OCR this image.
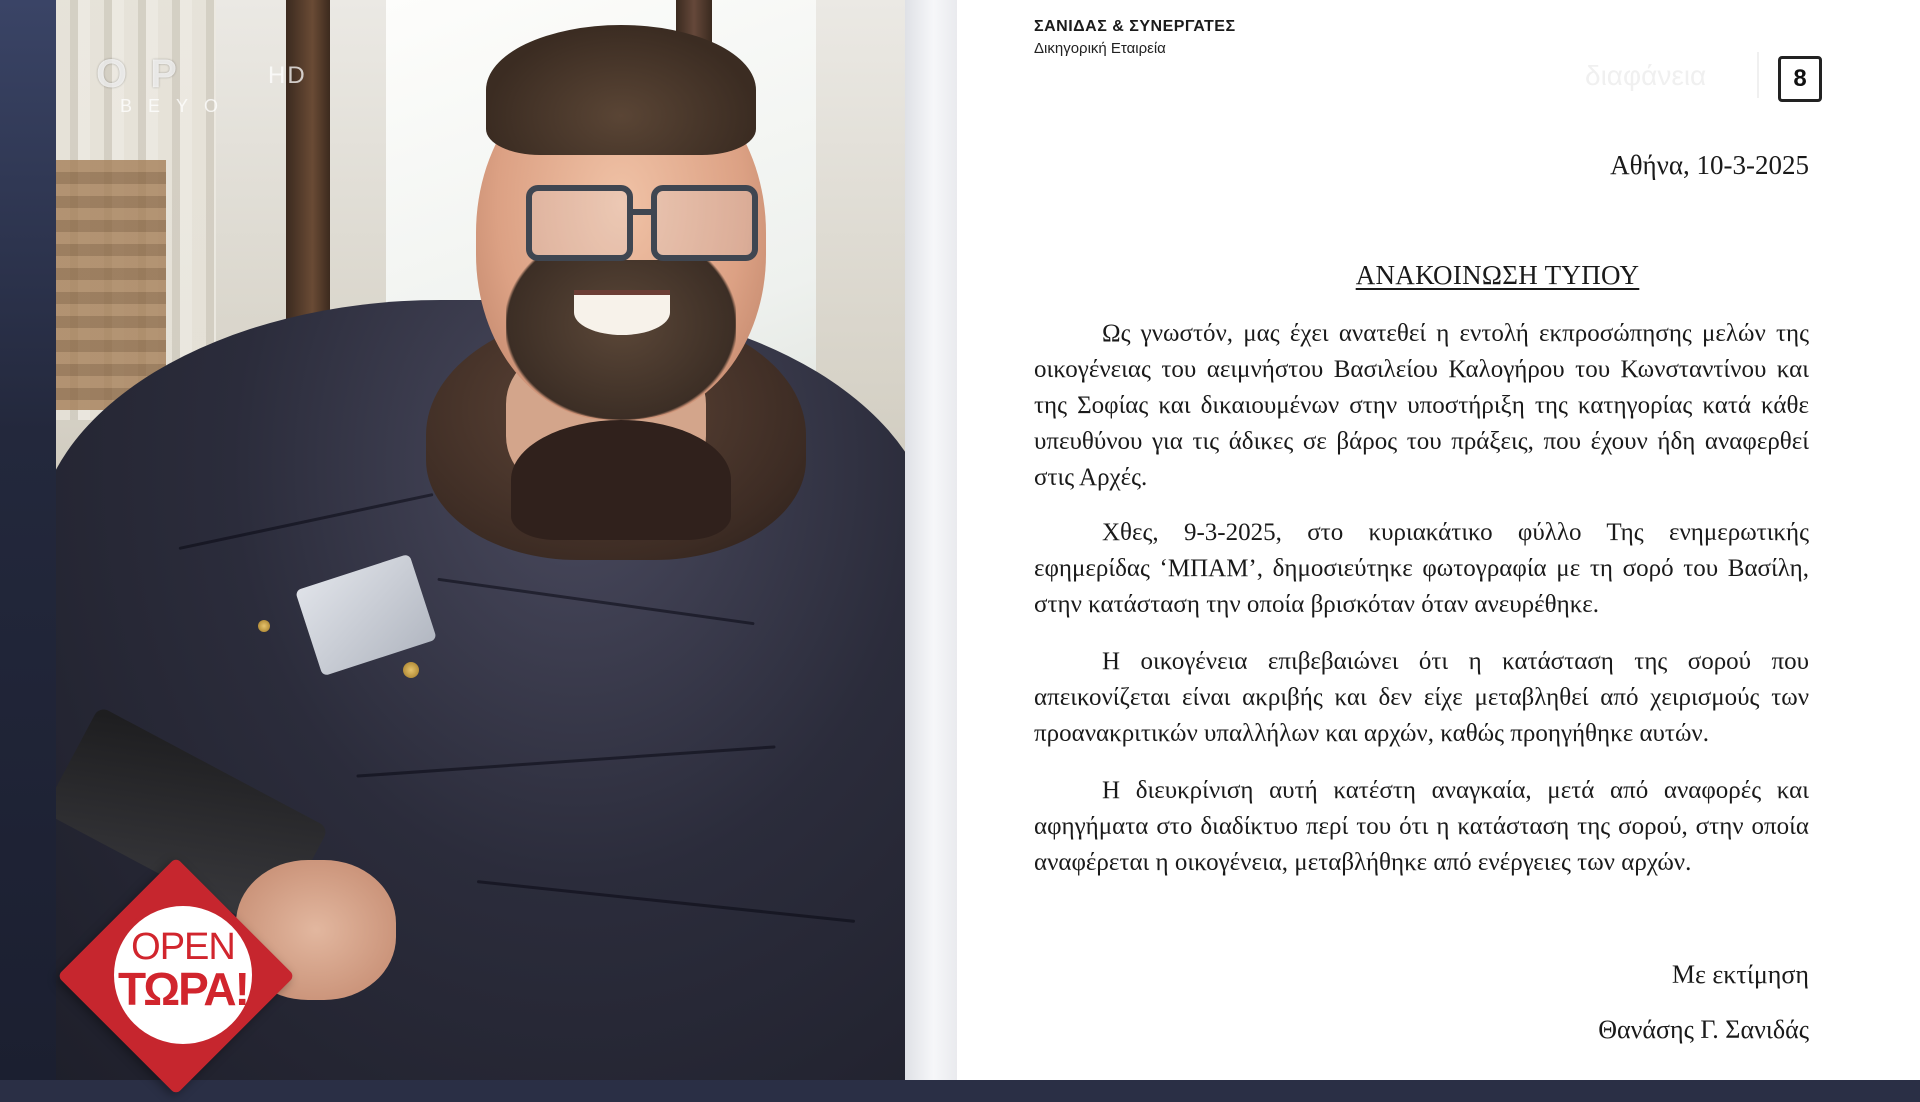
O P	HD
BEYO
OPEN
ΤΩΡΑ!
ΣΑΝΙΔΑΣ & ΣΥΝΕΡΓΑΤΕΣ
Δικηγορική Εταιρεία
διαφάνεια	8
Αθήνα, 10-3-2025
ΑΝΑΚΟΙΝΩΣΗ ΤΥΠΟΥ
Ως γνωστόν, μας έχει ανατεθεί η εντολή εκπροσώπησης μελών της οικογένειας του αειμνήστου Βασιλείου Καλογήρου του Κωνσταντίνου και της Σοφίας και δικαιουμένων στην υποστήριξη της κατηγορίας κατά κάθε υπευθύνου για τις άδικες σε βάρος του πράξεις, που έχουν ήδη αναφερθεί στις Αρχές.
Χθες, 9-3-2025, στο κυριακάτικο φύλλο Της ενημερωτικής εφημερίδας ‘ΜΠΑΜ’, δημοσιεύτηκε φωτογραφία με τη σορό του Βασίλη, στην κατάσταση την οποία βρισκόταν όταν ανευρέθηκε.
Η οικογένεια επιβεβαιώνει ότι η κατάσταση της σορού που απεικονίζεται είναι ακριβής και δεν είχε μεταβληθεί από χειρισμούς των προανακριτικών υπαλλήλων και αρχών, καθώς προηγήθηκε αυτών.
Η διευκρίνιση αυτή κατέστη αναγκαία, μετά από αναφορές και αφηγήματα στο διαδίκτυο περί του ότι η κατάσταση της σορού, στην οποία αναφέρεται η οικογένεια, μεταβλήθηκε από ενέργειες των αρχών.
Με εκτίμηση
Θανάσης Γ. Σανιδάς
